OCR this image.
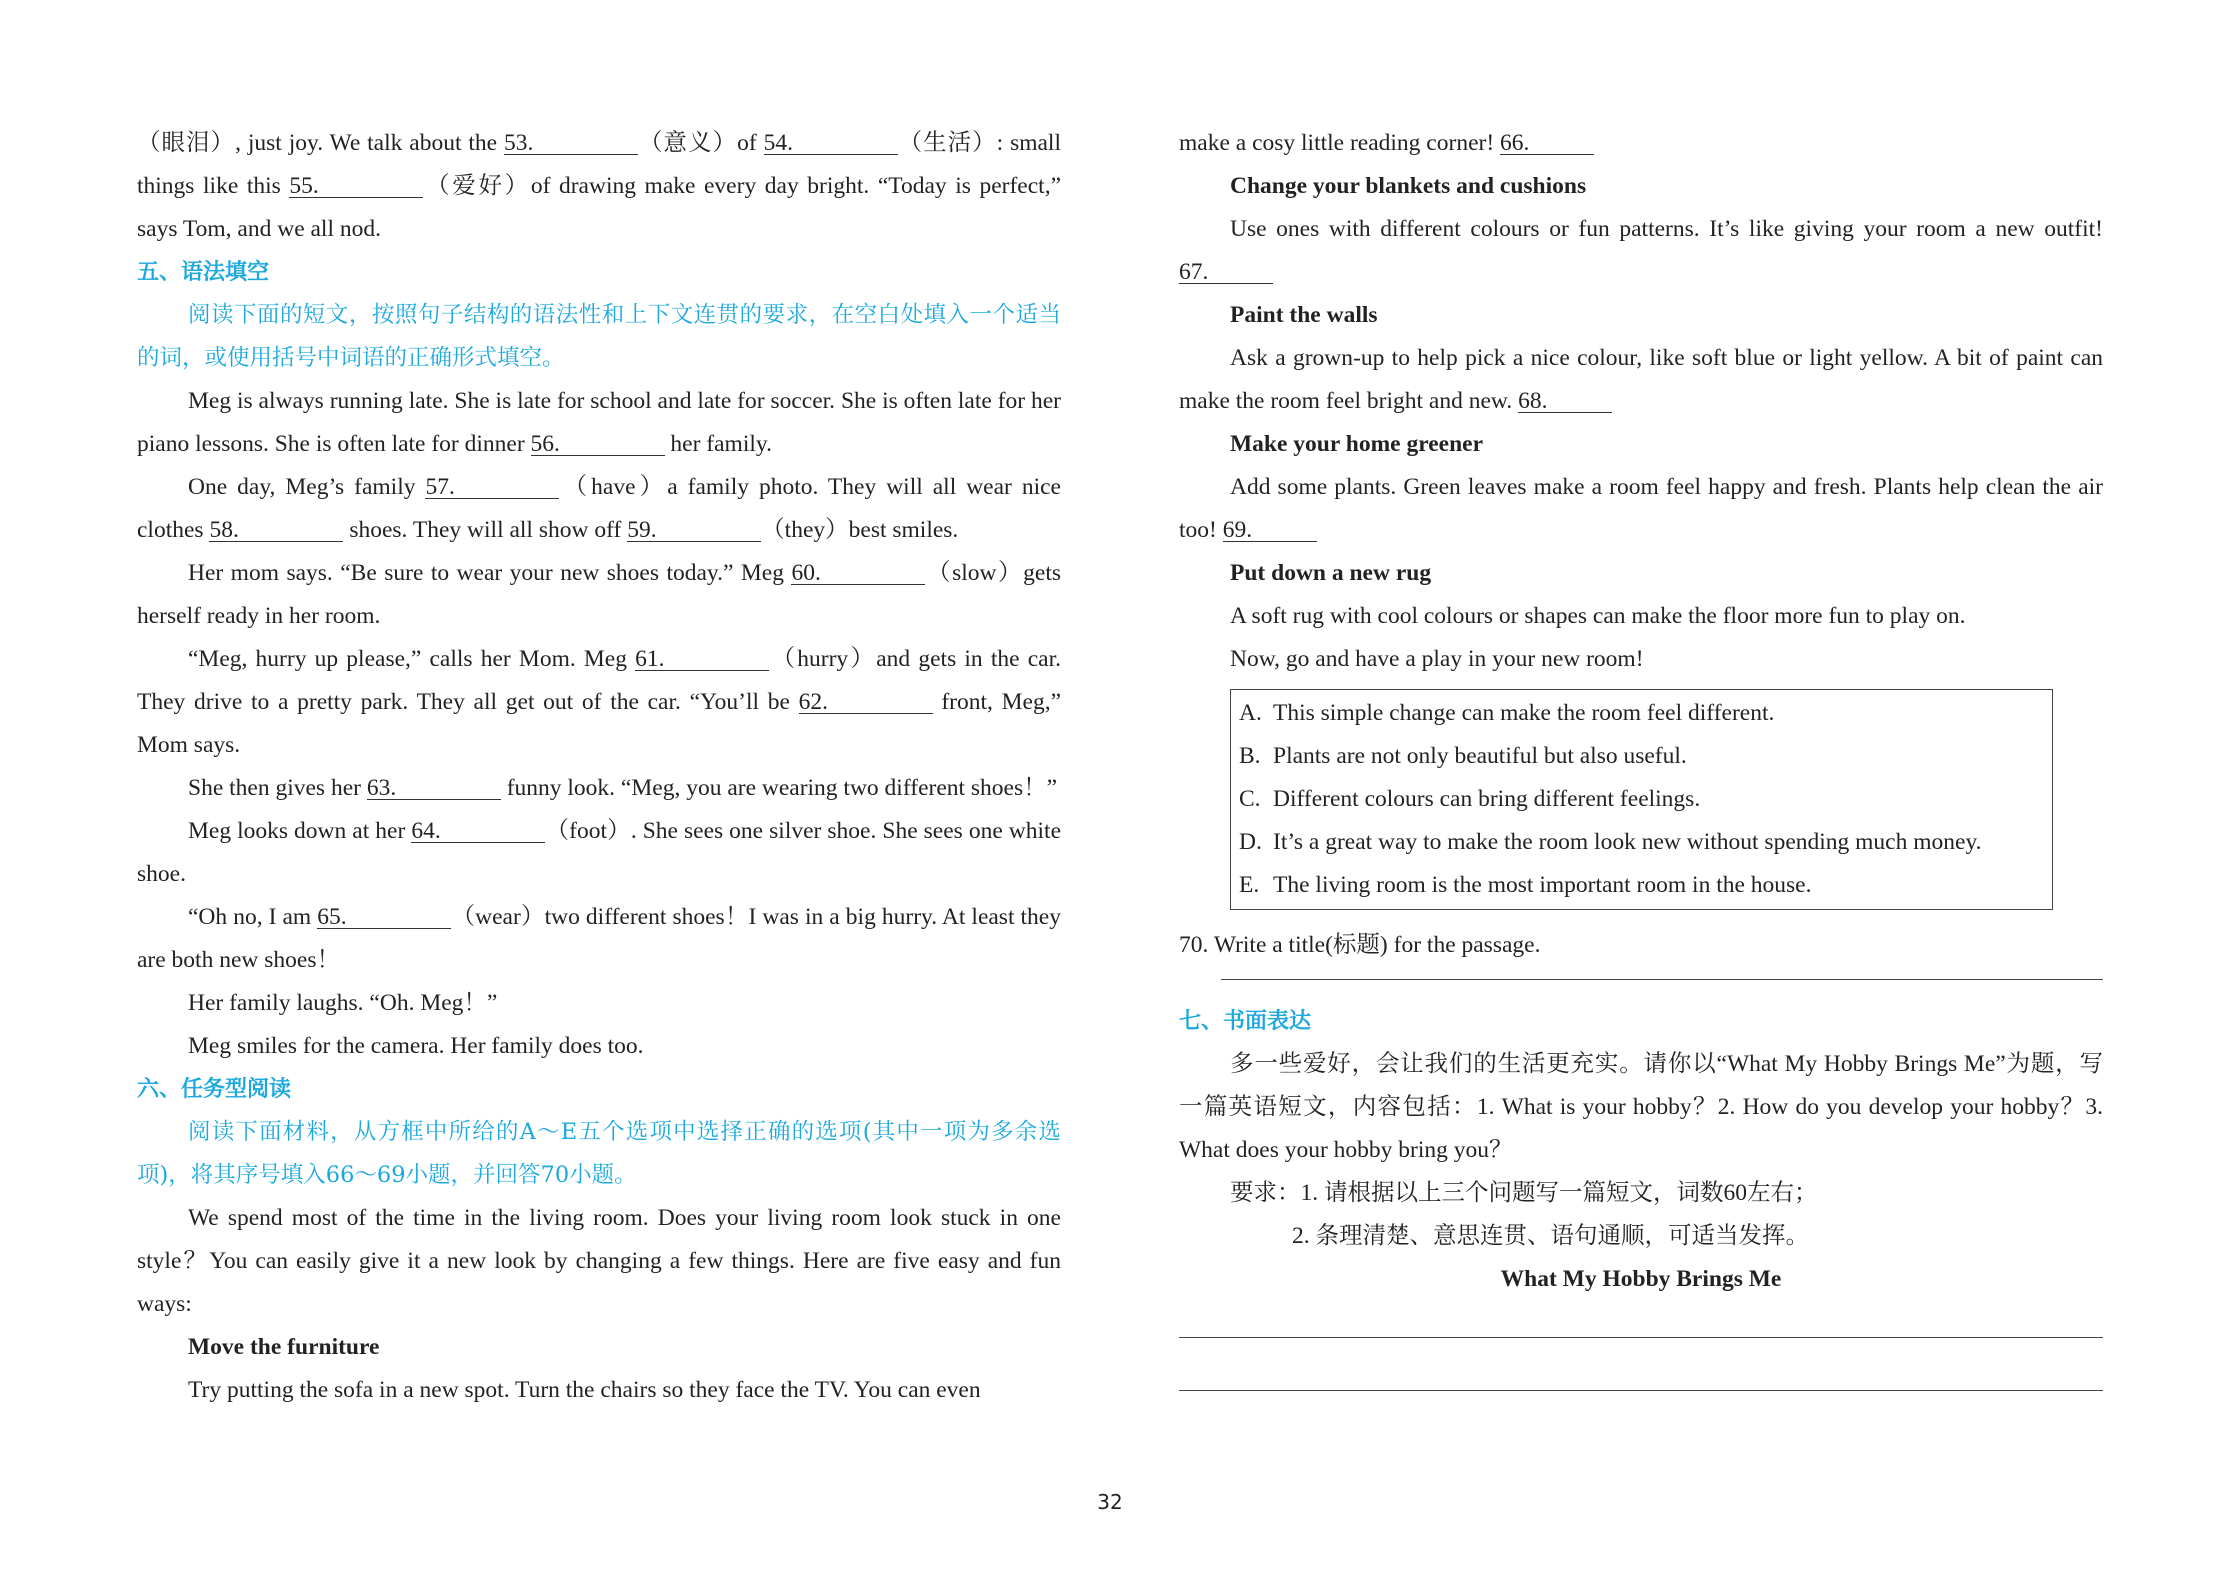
（眼泪）, just joy. We talk about the 53.	（意义）of 54.	（生活）: small things like this 55.	（爱好）of drawing make every day bright. “Today is perfect,” says Tom, and we all nod.

五、语法填空

阅读下面的短文，按照句子结构的语法性和上下文连贯的要求，在空白处填入一个适当的词，或使用括号中词语的正确形式填空。

Meg is always running late. She is late for school and late for soccer. She is often late for her piano lessons. She is often late for dinner 56.	her family.

One day, Meg’s family 57.	（have）a family photo. They will all wear nice clothes 58.	shoes. They will all show off 59.	（they）best smiles.

Her mom says. “Be sure to wear your new shoes today.” Meg 60.	（slow）gets herself ready in her room.

“Meg, hurry up please,” calls her Mom. Meg 61.	（hurry）and gets in the car. They drive to a pretty park. They all get out of the car. “You’ll be 62.	front, Meg,” Mom says.

She then gives her 63.	funny look. “Meg, you are wearing two different shoes！”

Meg looks down at her 64.	（foot）. She sees one silver shoe. She sees one white shoe.

“Oh no, I am 65.	（wear）two different shoes！I was in a big hurry. At least they are both new shoes！

Her family laughs. “Oh. Meg！”

Meg smiles for the camera. Her family does too.

六、任务型阅读

阅读下面材料，从方框中所给的A～E五个选项中选择正确的选项(其中一项为多余选项)，将其序号填入66～69小题，并回答70小题。

We spend most of the time in the living room. Does your living room look stuck in one style？You can easily give it a new look by changing a few things. Here are five easy and fun ways:

Move the furniture

Try putting the sofa in a new spot. Turn the chairs so they face the TV. You can even

make a cosy little reading corner! 66.

Change your blankets and cushions

Use ones with different colours or fun patterns. It’s like giving your room a new outfit! 67.

Paint the walls

Ask a grown-up to help pick a nice colour, like soft blue or light yellow. A bit of paint can make the room feel bright and new. 68.

Make your home greener

Add some plants. Green leaves make a room feel happy and fresh. Plants help clean the air too! 69.

Put down a new rug

A soft rug with cool colours or shapes can make the floor more fun to play on.

Now, go and have a play in your new room!

A. This simple change can make the room feel different.

B. Plants are not only beautiful but also useful.

C. Different colours can bring different feelings.

D. It’s a great way to make the room look new without spending much money.

E. The living room is the most important room in the house.

70. Write a title(标题) for the passage.

七、书面表达

多一些爱好，会让我们的生活更充实。请你以“What My Hobby Brings Me”为题，写一篇英语短文，内容包括：1. What is your hobby？2. How do you develop your hobby？3. What does your hobby bring you？

要求：1. 请根据以上三个问题写一篇短文，词数60左右；

2. 条理清楚、意思连贯、语句通顺，可适当发挥。

What My Hobby Brings Me

32
